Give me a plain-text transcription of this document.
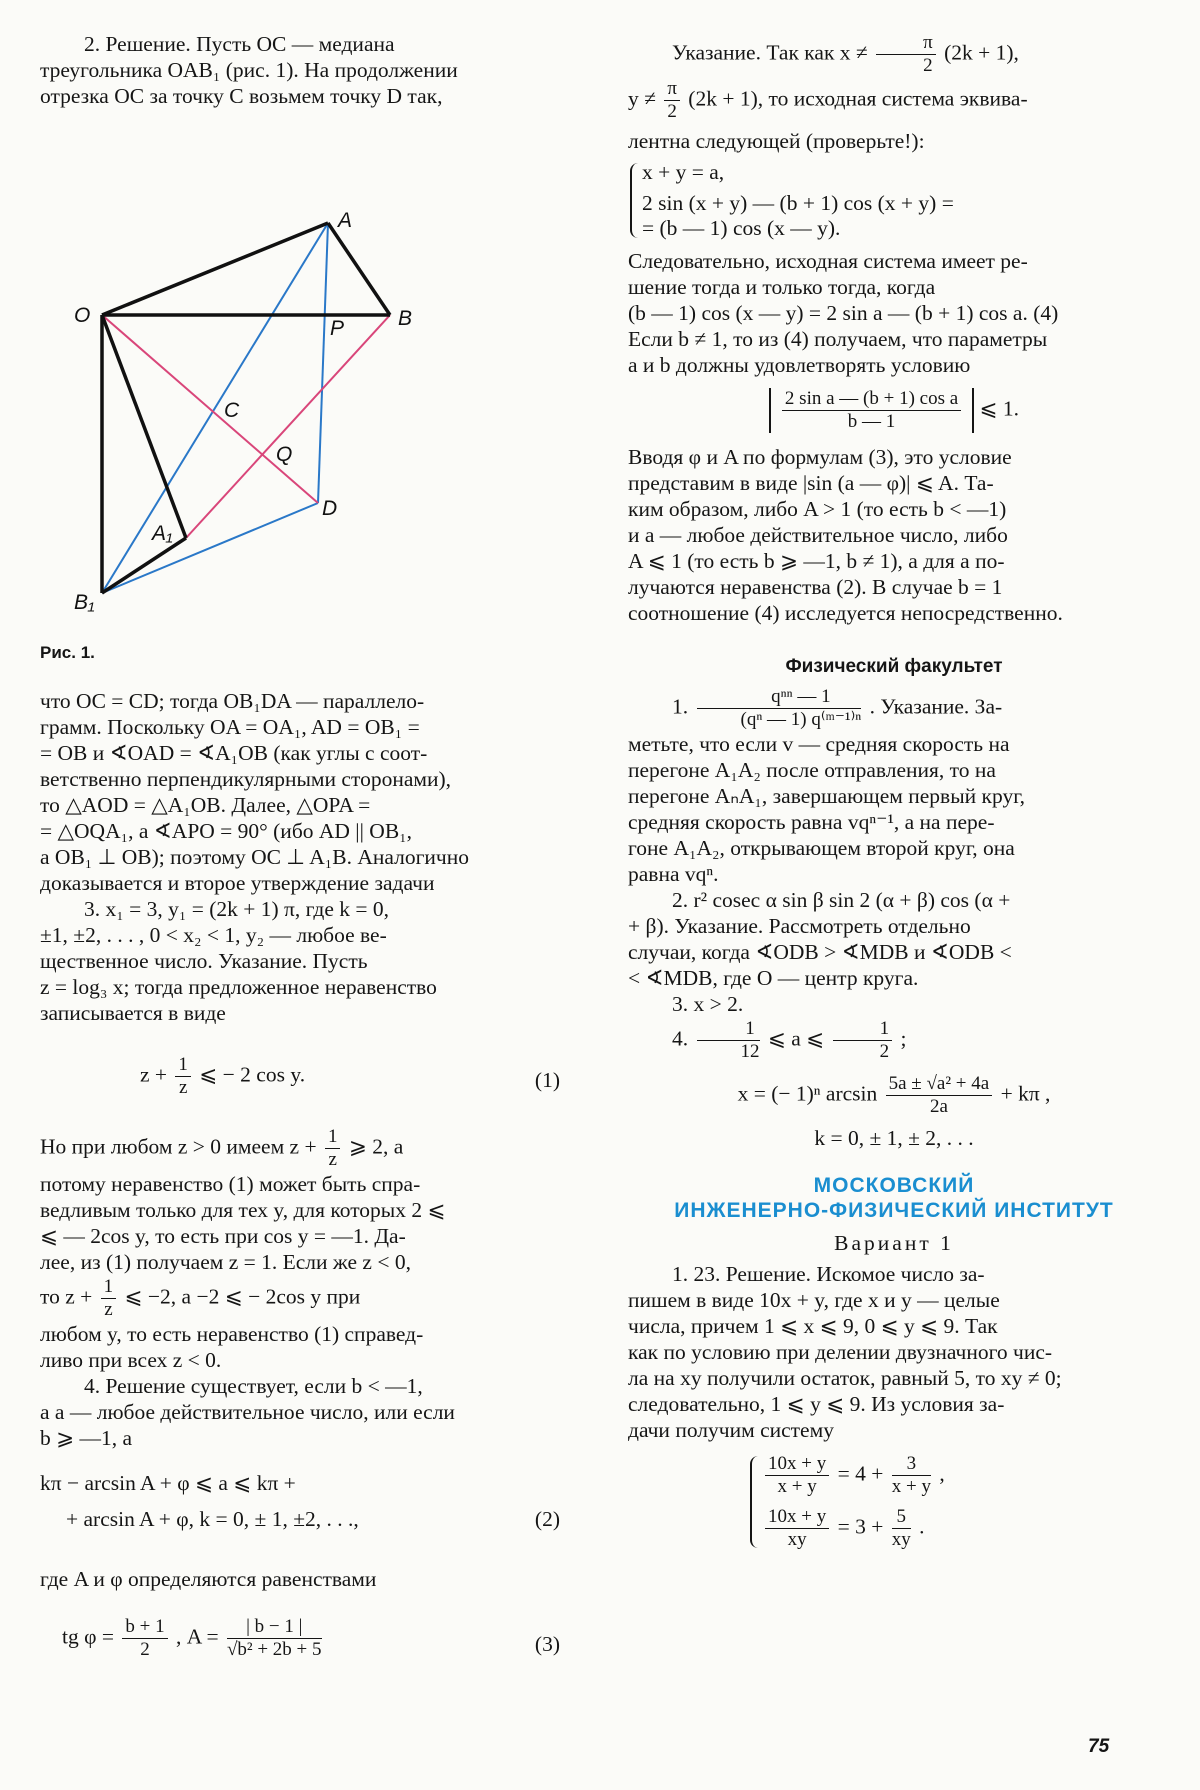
2. Решение. Пусть OC — медиана

треугольника OAB₁ (рис. 1). На продолжении

отрезка OC за точку C возьмем точку D так,

O
A
B
P
C
Q
D
A₁
B₁
Рис. 1.

что OC = CD; тогда OB₁DA — параллело-

грамм. Поскольку OA = OA₁, AD = OB₁ =

= OB и ∢OAD = ∢A₁OB (как углы с соот-

ветственно перпендикулярными сторонами),

то △AOD = △A₁OB. Далее, △OPA =

= △OQA₁, а ∢APO = 90° (ибо AD || OB₁,

а OB₁ ⊥ OB); поэтому OC ⊥ A₁B. Аналогично

доказывается и второе утверждение задачи

3. x₁ = 3, y₁ = (2k + 1) π, где k = 0,

±1, ±2, . . . , 0 < x₂ < 1, y₂ — любое ве-

щественное число. Указание. Пусть

z = log₃ x; тогда предложенное неравенство

записывается в виде

$z + \frac{1}{z}$ ⩽ − 2 cos y.	(1)
Но при любом z > 0 имеем $z + \frac{1}{z}$ ⩾ 2, а

потому неравенство (1) может быть спра-

ведливым только для тех y, для которых 2 ⩽

⩽ — 2cos y, то есть при cos y = —1. Да-

лее, из (1) получаем z = 1. Если же z < 0,

то $z + \frac{1}{z}$ ⩽ −2, а −2 ⩽ − 2cos y при

любом y, то есть неравенство (1) справед-

ливо при всех z < 0.

4. Решение существует, если b < —1,

а a — любое действительное число, или если

b ⩾ —1, а

kπ − arcsin A + φ ⩽ a ⩽ kπ +
+ arcsin A + φ, k = 0, ± 1, ±2, . . .,	(2)

где A и φ определяются равенствами

tg $\varphi = \frac{b + 1}{2}$ , $A = \frac{| b - 1 |}{\text{√b² + 2b + 5}}$	(3)
Указание. Так как $x \ne \frac{\pi}{2} (2k + 1)$,
$y \ne \frac{\pi}{2} (2k + 1)$, то исходная система эквива-

лентна следующей (проверьте!):

x + y = a,

2 sin (x + y) — (b + 1) cos (x + y) =

= (b — 1) cos (x — y).

Следовательно, исходная система имеет ре-

шение тогда и только тогда, когда

(b — 1) cos (x — y) = 2 sin a — (b + 1) cos a. (4)

Если b ≠ 1, то из (4) получаем, что параметры

a и b должны удовлетворять условию

$\frac{\text{2 sin a — (b + 1) cos a}}{b — 1}$ ⩽ 1.

Вводя φ и A по формулам (3), это условие

представим в виде |sin (a — φ)| ⩽ A. Та-

ким образом, либо A > 1 (то есть b < —1)

и a — любое действительное число, либо

A ⩽ 1 (то есть b ⩾ —1, b ≠ 1), а для a по-

лучаются неравенства (2). В случае b = 1

соотношение (4) исследуется непосредственно.

Физический факультет
1. $\frac{\text{qⁿⁿ — 1}}{\text{(qⁿ — 1) q⁽ᵐ⁻¹⁾ⁿ}}$ . Указание. За-

метьте, что если v — средняя скорость на

перегоне A₁A₂ после отправления, то на

перегоне AₙA₁, завершающем первый круг,

средняя скорость равна vqⁿ⁻¹, а на пере-

гоне A₁A₂, открывающем второй круг, она

равна vqⁿ.

2. r² cosec α sin β sin 2 (α + β) cos (α +

+ β). Указание. Рассмотреть отдельно

случаи, когда ∢ODB > ∢MDB и ∢ODB <

< ∢MDB, где O — центр круга.

3. x > 2.

4. $\frac{1}{12}$ ⩽ a ⩽ $\frac{1}{2}$ ;
x = (− 1)ⁿ $\arcsin \frac{\text{5a ± √a² + 4a}}{2a} + k\pi$ ,

k = 0, ± 1, ± 2, . . .

МОСКОВСКИЙ
ИНЖЕНЕРНО-ФИЗИЧЕСКИЙ ИНСТИТУТ

Вариант 1

1. 23. Решение. Искомое число за-

пишем в виде 10x + y, где x и y — целые

числа, причем 1 ⩽ x ⩽ 9, 0 ⩽ y ⩽ 9. Так

как по условию при делении двузначного чис-

ла на xy получили остаток, равный 5, то xy ≠ 0;

следовательно, 1 ⩽ y ⩽ 9. Из условия за-

дачи получим систему

$\frac{10x + y}{x + y} = 4 + \frac{3}{x + y}$ ,
$\frac{10x + y}{xy} = 3 + \frac{5}{xy}$ .
75
